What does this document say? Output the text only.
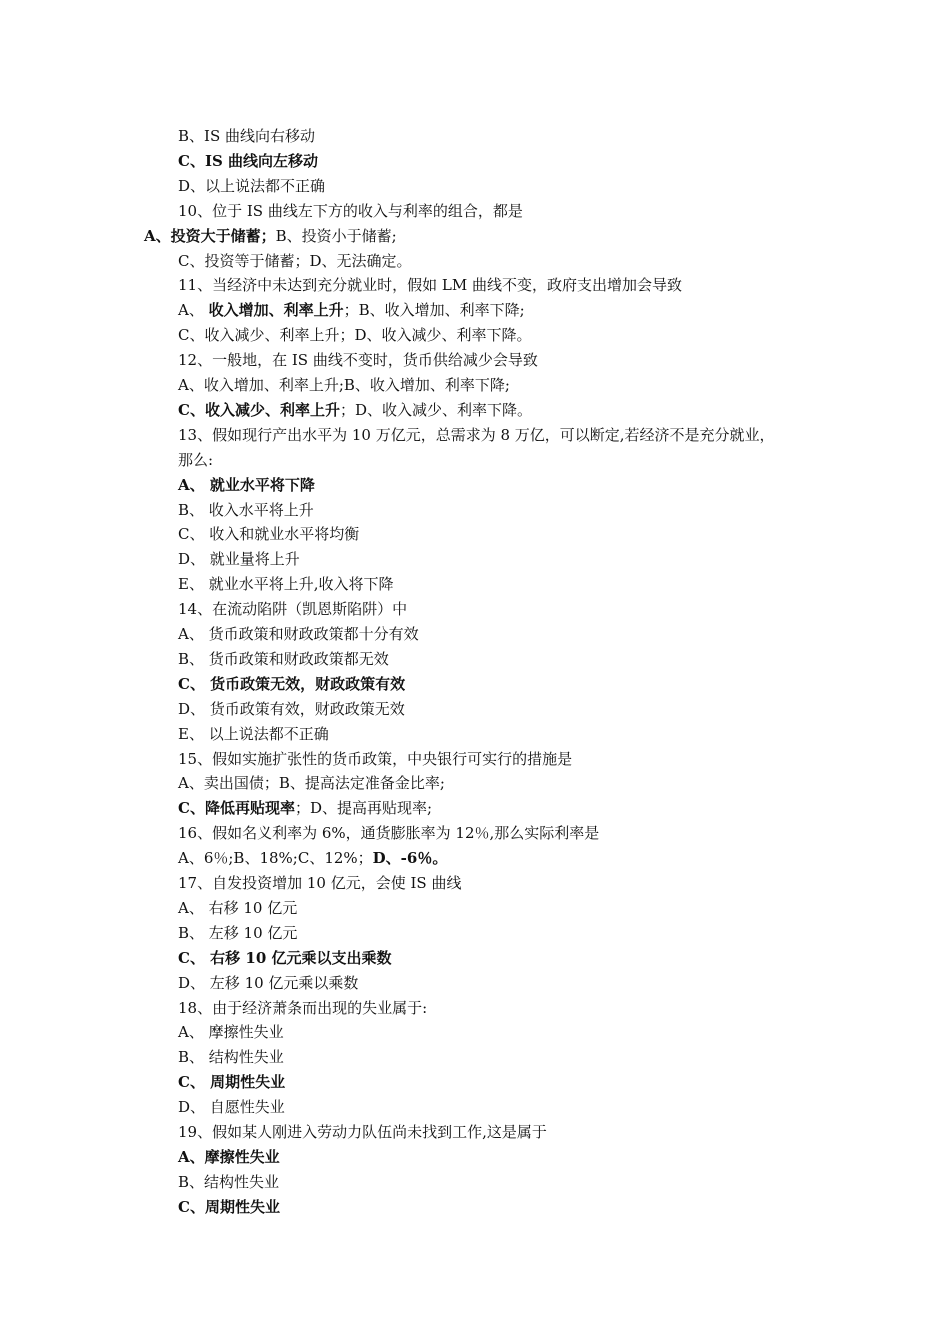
B、IS 曲线向右移动
C、IS 曲线向左移动
D、以上说法都不正确
10、位于 IS 曲线左下方的收入与利率的组合，都是
A、投资大于储蓄；B、投资小于储蓄;
C、投资等于储蓄；D、无法确定。
11、当经济中未达到充分就业时，假如 LM 曲线不变，政府支出增加会导致
A、 收入增加、利率上升；B、收入增加、利率下降;
C、收入减少、利率上升；D、收入减少、利率下降。
12、一般地，在 IS 曲线不变时，货币供给减少会导致
A、收入增加、利率上升;B、收入增加、利率下降;
C、收入减少、利率上升；D、收入减少、利率下降。
13、假如现行产出水平为 10 万亿元，总需求为 8 万亿，可以断定,若经济不是充分就业，
那么:
A、 就业水平将下降
B、 收入水平将上升
C、 收入和就业水平将均衡
D、 就业量将上升
E、 就业水平将上升,收入将下降
14、在流动陷阱（凯恩斯陷阱）中
A、 货币政策和财政政策都十分有效
B、 货币政策和财政政策都无效
C、 货币政策无效，财政政策有效
D、 货币政策有效，财政政策无效
E、 以上说法都不正确
15、假如实施扩张性的货币政策，中央银行可实行的措施是
A、卖出国债；B、提高法定准备金比率;
C、降低再贴现率；D、提高再贴现率;
16、假如名义利率为 6%，通货膨胀率为 12％,那么实际利率是
A、6％;B、18%;C、12%；D、-6％。
17、自发投资增加 10 亿元，会使 IS 曲线
A、 右移 10 亿元
B、 左移 10 亿元
C、 右移 10 亿元乘以支出乘数
D、 左移 10 亿元乘以乘数
18、由于经济萧条而出现的失业属于:
A、 摩擦性失业
B、 结构性失业
C、 周期性失业
D、 自愿性失业
19、假如某人刚进入劳动力队伍尚未找到工作,这是属于
A、摩擦性失业
B、结构性失业
C、周期性失业
